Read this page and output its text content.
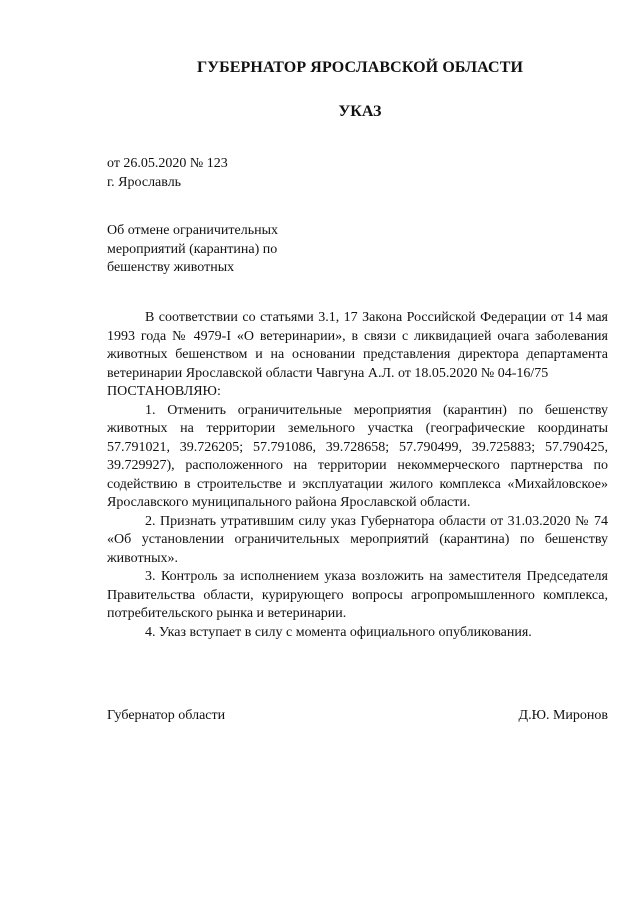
ГУБЕРНАТОР ЯРОСЛАВСКОЙ ОБЛАСТИ
УКАЗ
от 26.05.2020 № 123
г. Ярославль
Об отмене ограничительных
мероприятий (карантина) по
бешенству животных

В соответствии со статьями 3.1, 17 Закона Российской Федерации от 14 мая 1993 года № 4979-I «О ветеринарии», в связи с ликвидацией очага заболевания животных бешенством и на основании представления директора департамента ветеринарии Ярославской области Чавгуна А.Л. от 18.05.2020 № 04-16/75

ПОСТАНОВЛЯЮ:

1. Отменить ограничительные мероприятия (карантин) по бешенству животных на территории земельного участка (географические координаты 57.791021, 39.726205; 57.791086, 39.728658; 57.790499, 39.725883; 57.790425, 39.729927), расположенного на территории некоммерческого партнерства по содействию в строительстве и эксплуатации жилого комплекса «Михайловское» Ярославского муниципального района Ярославской области.

2. Признать утратившим силу указ Губернатора области от 31.03.2020 № 74 «Об установлении ограничительных мероприятий (карантина) по бешенству животных».

3. Контроль за исполнением указа возложить на заместителя Председателя Правительства области, курирующего вопросы агропромышленного комплекса, потребительского рынка и ветеринарии.

4. Указ вступает в силу с момента официального опубликования.

Губернатор области	Д.Ю. Миронов
